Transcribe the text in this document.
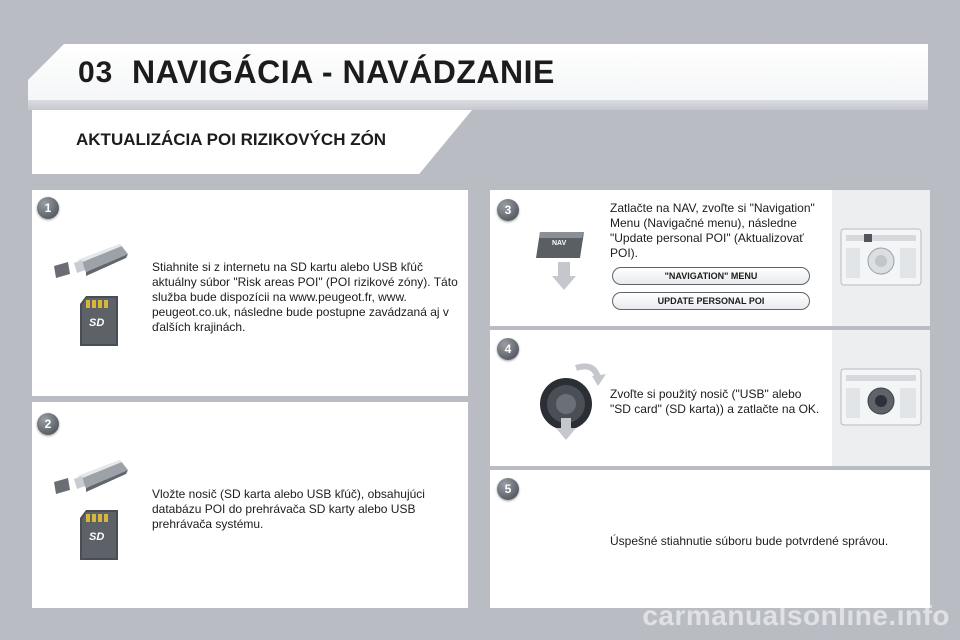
03 NAVIGÁCIA - NAVÁDZANIE
AKTUALIZÁCIA POI RIZIKOVÝCH ZÓN
1
SD
Stiahnite si z internetu na SD kartu alebo USB kľúč aktuálny súbor "Risk areas POI" (POI rizikové zóny). Táto služba bude dispozícii na www.peugeot.fr, www. peugeot.co.uk, následne bude postupne zavádzaná aj v ďalších krajinách.
2
SD
Vložte nosič (SD karta alebo USB kľúč), obsahujúci databázu POI do prehrávača SD karty alebo USB prehrávača systému.
3
NAV
Zatlačte na NAV, zvoľte si "Navigation" Menu (Navigačné menu), následne "Update personal POI" (Aktualizovať POI).
"NAVIGATION" MENU
UPDATE PERSONAL POI
4
Zvoľte si použitý nosič ("USB" alebo "SD card" (SD karta)) a zatlačte na OK.
5
Úspešné stiahnutie súboru bude potvrdené správou.
carmanualsonline.info
